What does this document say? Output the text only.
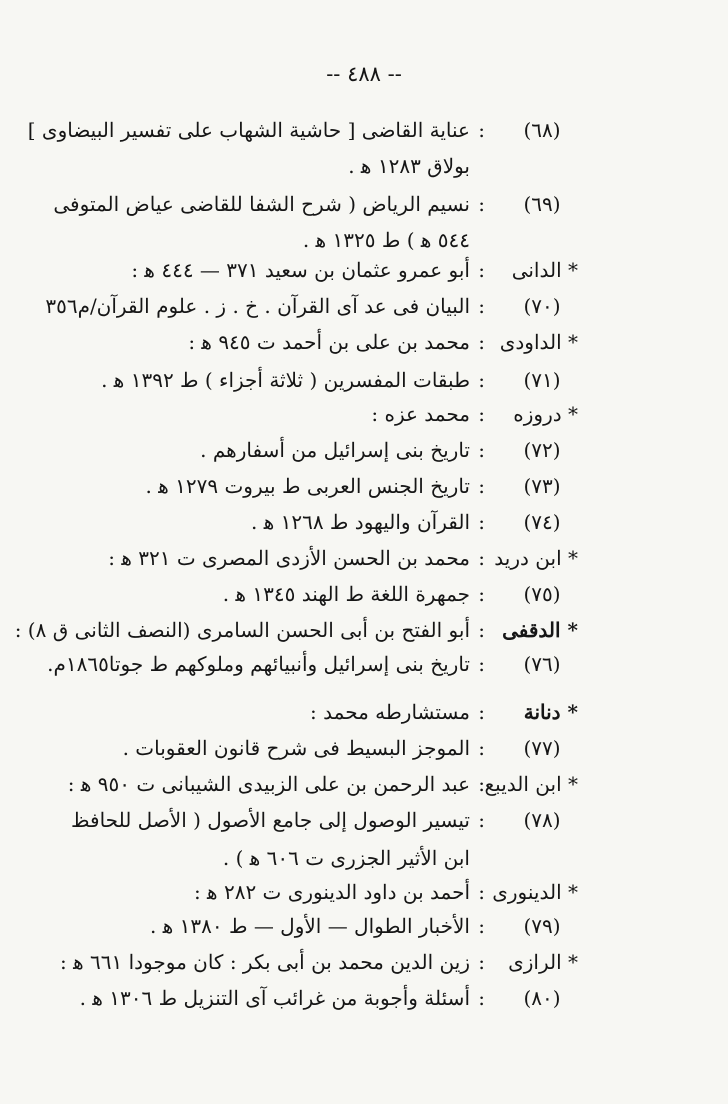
-- ٤٨٨ --
(٦٨)
:
عناية القاضى [ حاشية الشهاب على تفسير البيضاوى ]
بولاق ١٢٨٣ ﻫ .
(٦٩)
:
نسيم الرياض ( شرح الشفا للقاضى عياض المتوفى
٥٤٤ ﻫ ) ط ١٣٢٥ ﻫ .
* الدانى
:
أبو عمرو عثمان بن سعيد ٣٧١ — ٤٤٤ ﻫ :
(٧٠)
:
البيان فى عد آى القرآن . خ . ز . علوم القرآن/م٣٥٦
* الداودى
:
محمد بن على بن أحمد ت ٩٤٥ ﻫ :
(٧١)
:
طبقات المفسرين ( ثلاثة أجزاء ) ط ١٣٩٢ ﻫ .
* دروزه
:
محمد عزه :
(٧٢)
:
تاريخ بنى إسرائيل من أسفارهم .
(٧٣)
:
تاريخ الجنس العربى ط بيروت ١٢٧٩ ﻫ .
(٧٤)
:
القرآن واليهود ط ١٢٦٨ ﻫ .
* ابن دريد
:
محمد بن الحسن الأزدى المصرى ت ٣٢١ ﻫ :
(٧٥)
:
جمهرة اللغة ط الهند ١٣٤٥ ﻫ .
* الدقفى
:
أبو الفتح بن أبى الحسن السامرى (النصف الثانى ق ٨) :
(٧٦)
:
تاريخ بنى إسرائيل وأنبيائهم وملوكهم ط جوتا١٨٦٥م.
* دنانة
:
مستشارطه محمد :
(٧٧)
:
الموجز البسيط فى شرح قانون العقوبات .
* ابن الديبع
:
عبد الرحمن بن على الزبيدى الشيبانى ت ٩٥٠ ﻫ :
(٧٨)
:
تيسير الوصول إلى جامع الأصول ( الأصل للحافظ
ابن الأثير الجزرى ت ٦٠٦ ﻫ ) .
* الدينورى
:
أحمد بن داود الدينورى ت ٢٨٢ ﻫ :
(٧٩)
:
الأخبار الطوال — الأول — ط ١٣٨٠ ﻫ .
* الرازى
:
زين الدين محمد بن أبى بكر : كان موجودا ٦٦١ ﻫ :
(٨٠)
:
أسئلة وأجوبة من غرائب آى التنزيل ط ١٣٠٦ ﻫ .
